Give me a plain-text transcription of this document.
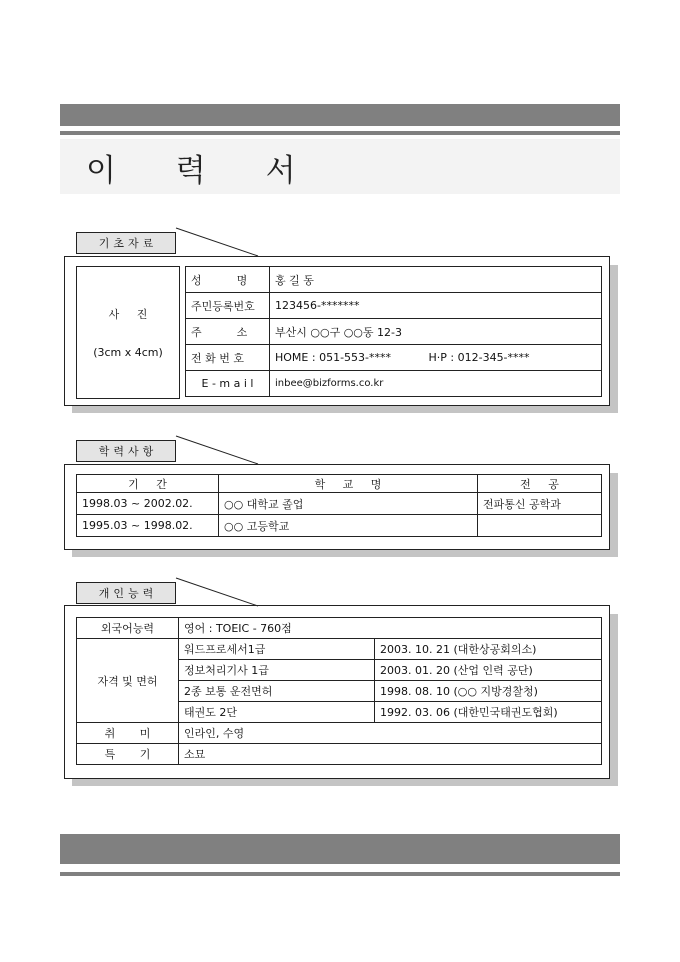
이 력 서
기초자료
사     진
(3cm x 4cm)
성          명	홍 길 동
주민등록번호	123456-*******
주          소	부산시 ○○구 ○○동 12-3
전 화 번 호	HOME : 051-553-**** H·P : 012-345-****
E - m a i l	inbee@bizforms.co.kr
학력사항
기     간	학     교     명	전     공
1998.03 ~ 2002.02.	○○ 대학교 졸업	전파통신 공학과
1995.03 ~ 1998.02.	○○ 고등학교	
개인능력
외국어능력	영어 : TOEIC - 760점	
자격 및 면허	워드프로세서1급	2003. 10. 21 (대한상공회의소)
	정보처리기사 1급	2003. 01. 20 (산업 인력 공단)
	2종 보통 운전면허	1998. 08. 10 (○○ 지방경찰청)
	태권도 2단	1992. 03. 06 (대한민국태권도협회)
취       미	인라인, 수영	
특       기	소묘	
